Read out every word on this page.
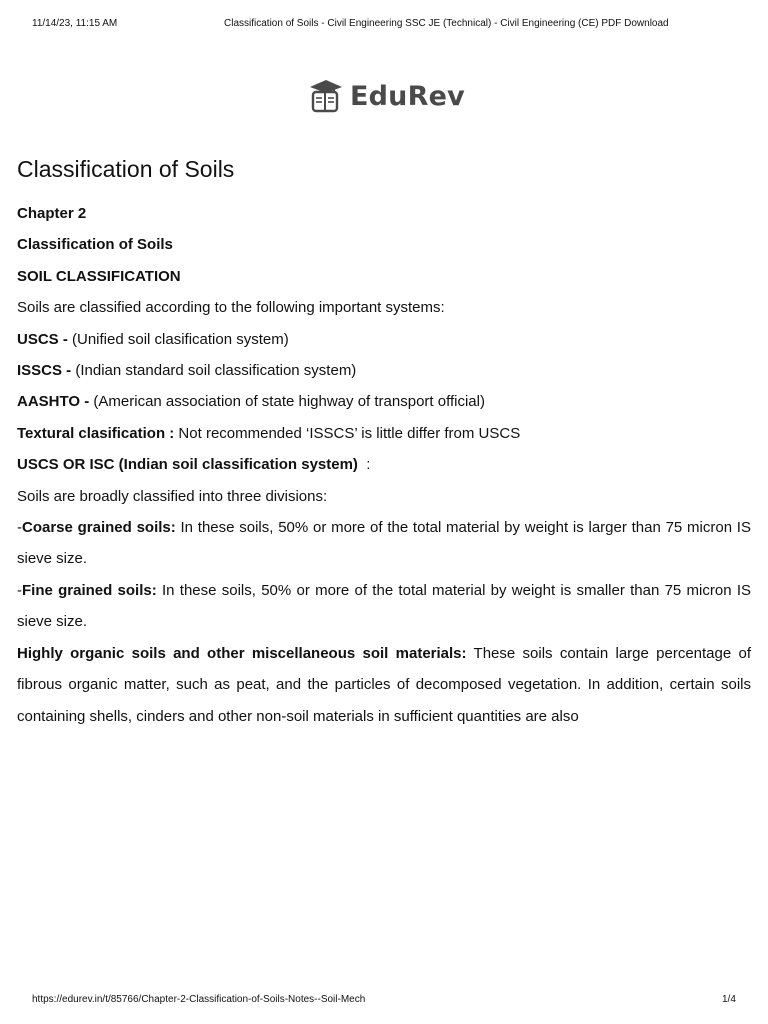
11/14/23, 11:15 AM	Classification of Soils - Civil Engineering SSC JE (Technical) - Civil Engineering (CE) PDF Download
EduRev
Classification of Soils

Chapter 2

Classification of Soils

SOIL CLASSIFICATION

Soils are classified according to the following important systems:

USCS - (Unified soil clasification system)

ISSCS - (Indian standard soil classification system)

AASHTO - (American association of state highway of transport official)

Textural clasification : Not recommended ‘ISSCS’ is little differ from USCS

USCS OR ISC (Indian soil classification system)  :

Soils are broadly classified into three divisions:

-Coarse grained soils: In these soils, 50% or more of the total material by weight is larger than 75 micron IS sieve size.

-Fine grained soils: In these soils, 50% or more of the total material by weight is smaller than 75 micron IS sieve size.

Highly organic soils and other miscellaneous soil materials: These soils contain large percentage of fibrous organic matter, such as peat, and the particles of decomposed vegetation. In addition, certain soils containing shells, cinders and other non-soil materials in sufficient quantities are also

https://edurev.in/t/85766/Chapter-2-Classification-of-Soils-Notes--Soil-Mech	1/4
